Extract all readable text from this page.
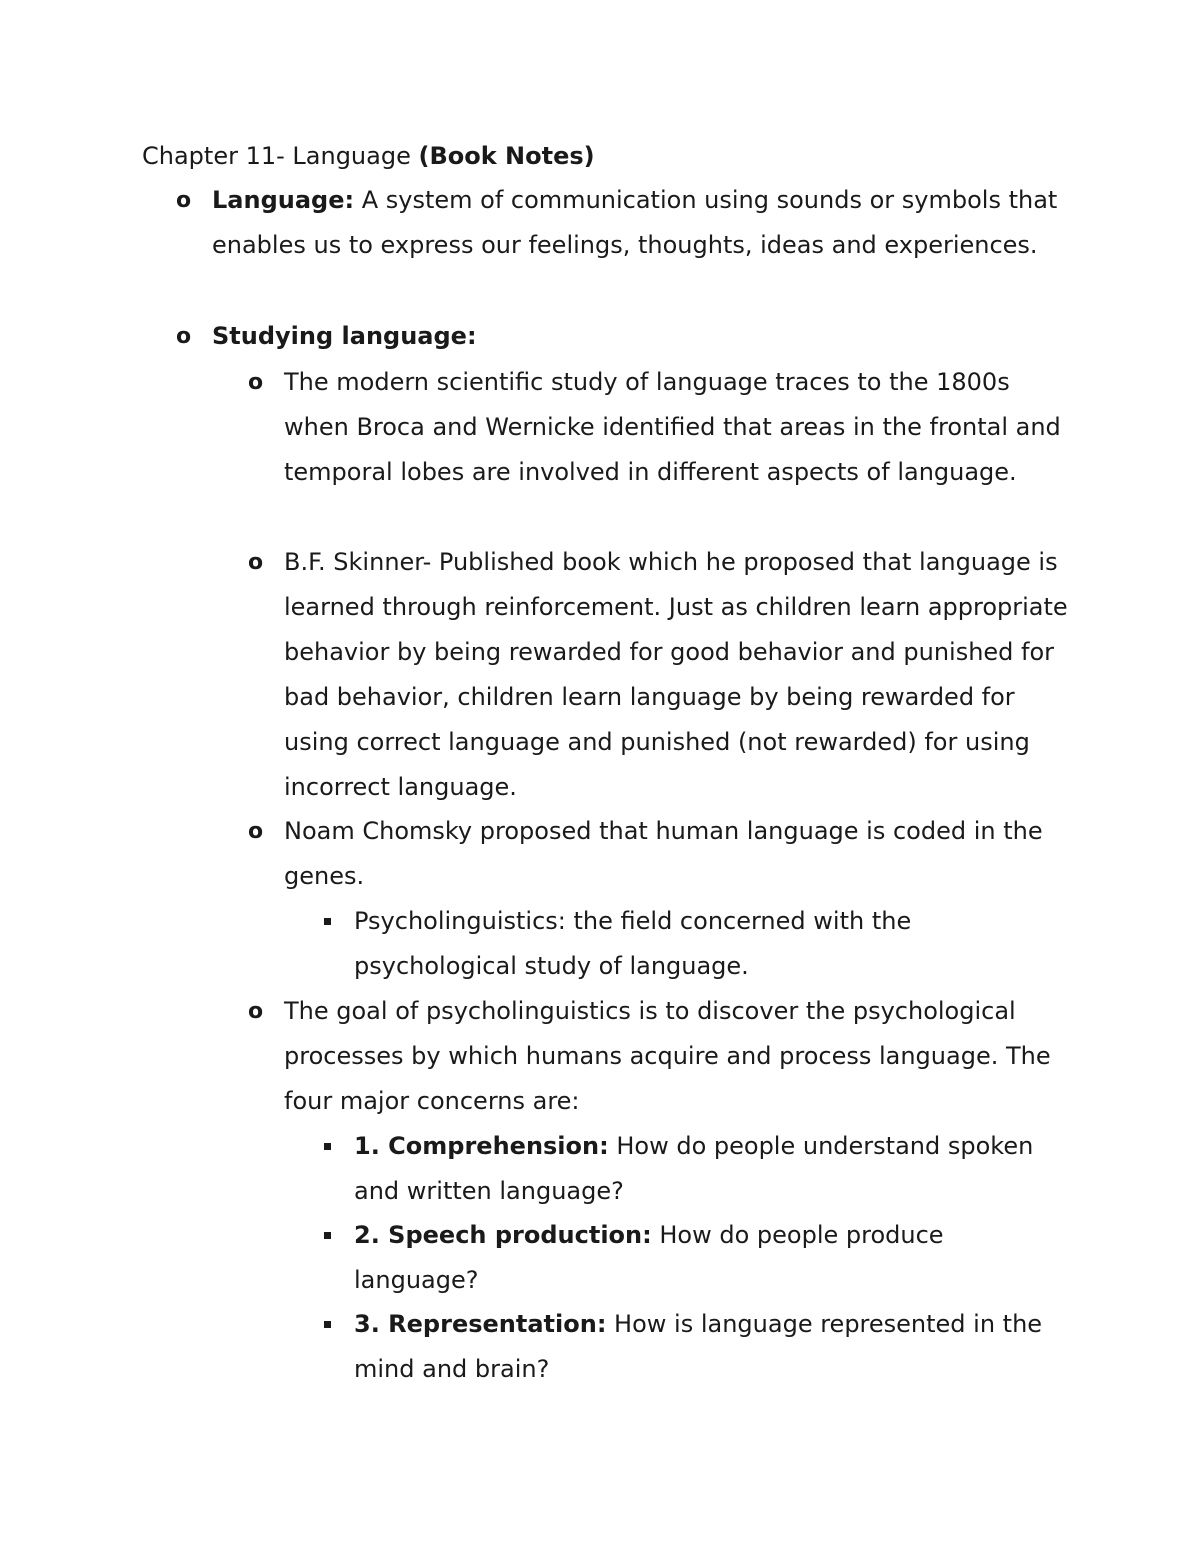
Chapter 11- Language (Book Notes)
o Language: A system of communication using sounds or symbols that enables us to express our feelings, thoughts, ideas and experiences.
o Studying language:
o The modern scientific study of language traces to the 1800s when Broca and Wernicke identified that areas in the frontal and temporal lobes are involved in different aspects of language.
o B.F. Skinner- Published book which he proposed that language is learned through reinforcement. Just as children learn appropriate behavior by being rewarded for good behavior and punished for bad behavior, children learn language by being rewarded for using correct language and punished (not rewarded) for using incorrect language.
o Noam Chomsky proposed that human language is coded in the genes.
Psycholinguistics: the field concerned with the psychological study of language.
o The goal of psycholinguistics is to discover the psychological processes by which humans acquire and process language. The four major concerns are:
1. Comprehension: How do people understand spoken and written language?
2. Speech production: How do people produce language?
3. Representation: How is language represented in the mind and brain?
